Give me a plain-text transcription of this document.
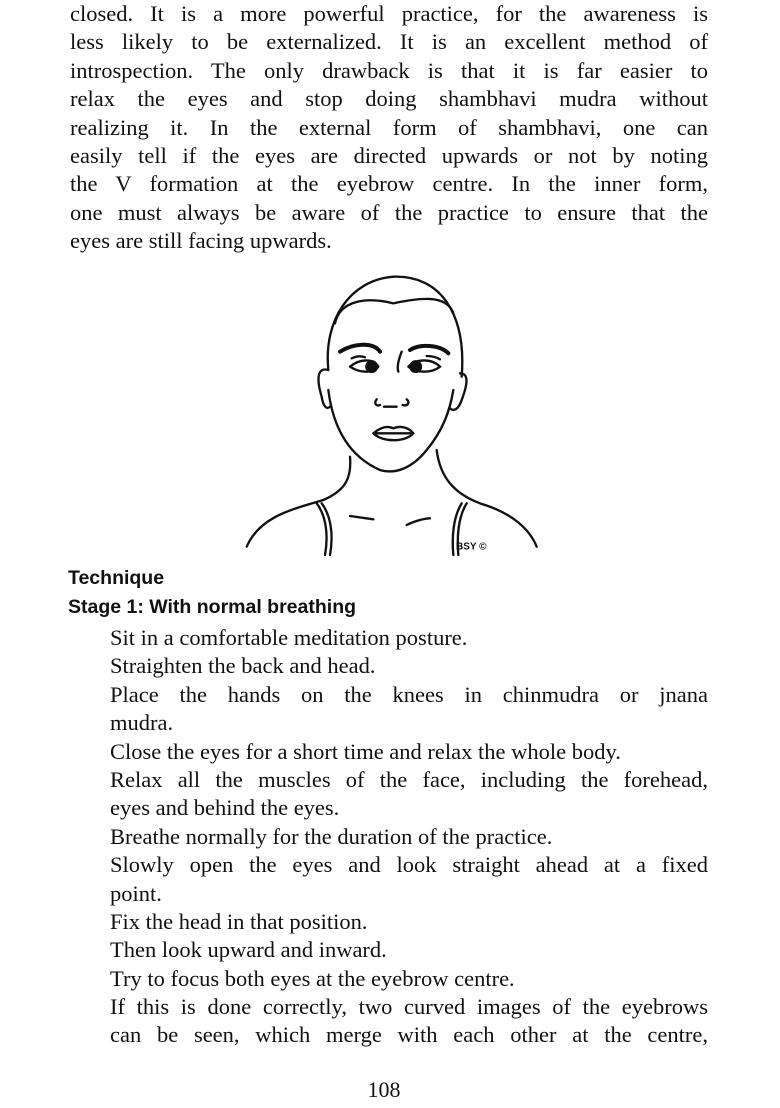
closed. It is a more powerful practice, for the awareness is
less likely to be externalized. It is an excellent method of
introspection. The only drawback is that it is far easier to
relax the eyes and stop doing shambhavi mudra without
realizing it. In the external form of shambhavi, one can
easily tell if the eyes are directed upwards or not by noting
the V formation at the eyebrow centre. In the inner form,
one must always be aware of the practice to ensure that the
eyes are still facing upwards.
BSY ©
Technique
Stage 1: With normal breathing
Sit in a comfortable meditation posture.
Straighten the back and head.
Place the hands on the knees in chinmudra or jnana
mudra.
Close the eyes for a short time and relax the whole body.
Relax all the muscles of the face, including the forehead,
eyes and behind the eyes.
Breathe normally for the duration of the practice.
Slowly open the eyes and look straight ahead at a fixed
point.
Fix the head in that position.
Then look upward and inward.
Try to focus both eyes at the eyebrow centre.
If this is done correctly, two curved images of the eyebrows
can be seen, which merge with each other at the centre,
108
